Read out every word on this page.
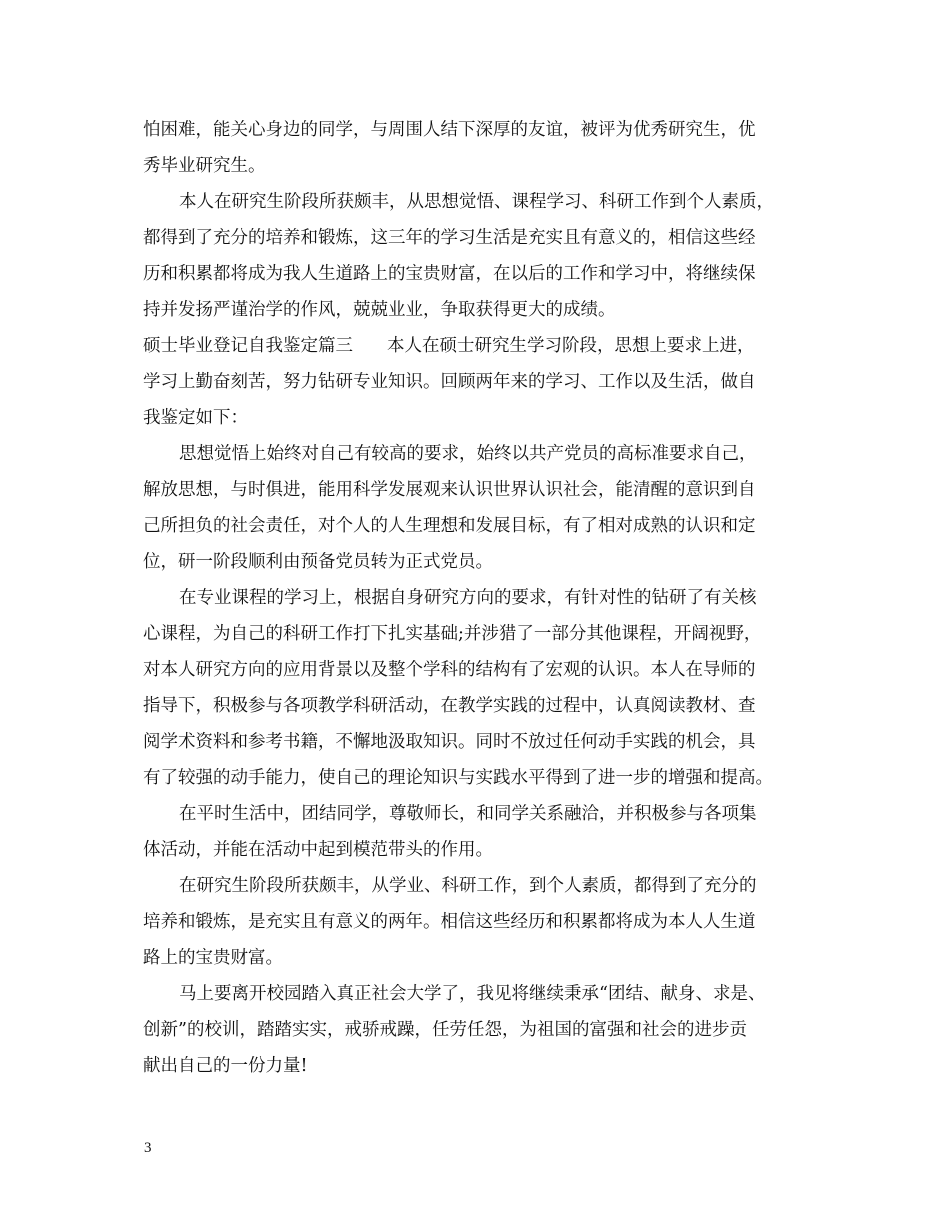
怕困难，能关心身边的同学，与周围人结下深厚的友谊，被评为优秀研究生，优
秀毕业研究生。
本人在研究生阶段所获颇丰，从思想觉悟、课程学习、科研工作到个人素质，
都得到了充分的培养和锻炼，这三年的学习生活是充实且有意义的，相信这些经
历和积累都将成为我人生道路上的宝贵财富，在以后的工作和学习中，将继续保
持并发扬严谨治学的作风，兢兢业业，争取获得更大的成绩。
硕士毕业登记自我鉴定篇三 本人在硕士研究生学习阶段，思想上要求上进，
学习上勤奋刻苦，努力钻研专业知识。回顾两年来的学习、工作以及生活，做自
我鉴定如下：
思想觉悟上始终对自己有较高的要求，始终以共产党员的高标准要求自己，
解放思想，与时俱进，能用科学发展观来认识世界认识社会，能清醒的意识到自
己所担负的社会责任，对个人的人生理想和发展目标，有了相对成熟的认识和定
位，研一阶段顺利由预备党员转为正式党员。
在专业课程的学习上，根据自身研究方向的要求，有针对性的钻研了有关核
心课程，为自己的科研工作打下扎实基础;并涉猎了一部分其他课程，开阔视野，
对本人研究方向的应用背景以及整个学科的结构有了宏观的认识。本人在导师的
指导下，积极参与各项教学科研活动，在教学实践的过程中，认真阅读教材、查
阅学术资料和参考书籍，不懈地汲取知识。同时不放过任何动手实践的机会，具
有了较强的动手能力，使自己的理论知识与实践水平得到了进一步的增强和提高。
在平时生活中，团结同学，尊敬师长，和同学关系融洽，并积极参与各项集
体活动，并能在活动中起到模范带头的作用。
在研究生阶段所获颇丰，从学业、科研工作，到个人素质，都得到了充分的
培养和锻炼，是充实且有意义的两年。相信这些经历和积累都将成为本人人生道
路上的宝贵财富。
马上要离开校园踏入真正社会大学了，我见将继续秉承“团结、献身、求是、
创新”的校训，踏踏实实，戒骄戒躁，任劳任怨，为祖国的富强和社会的进步贡
献出自己的一份力量!
3
